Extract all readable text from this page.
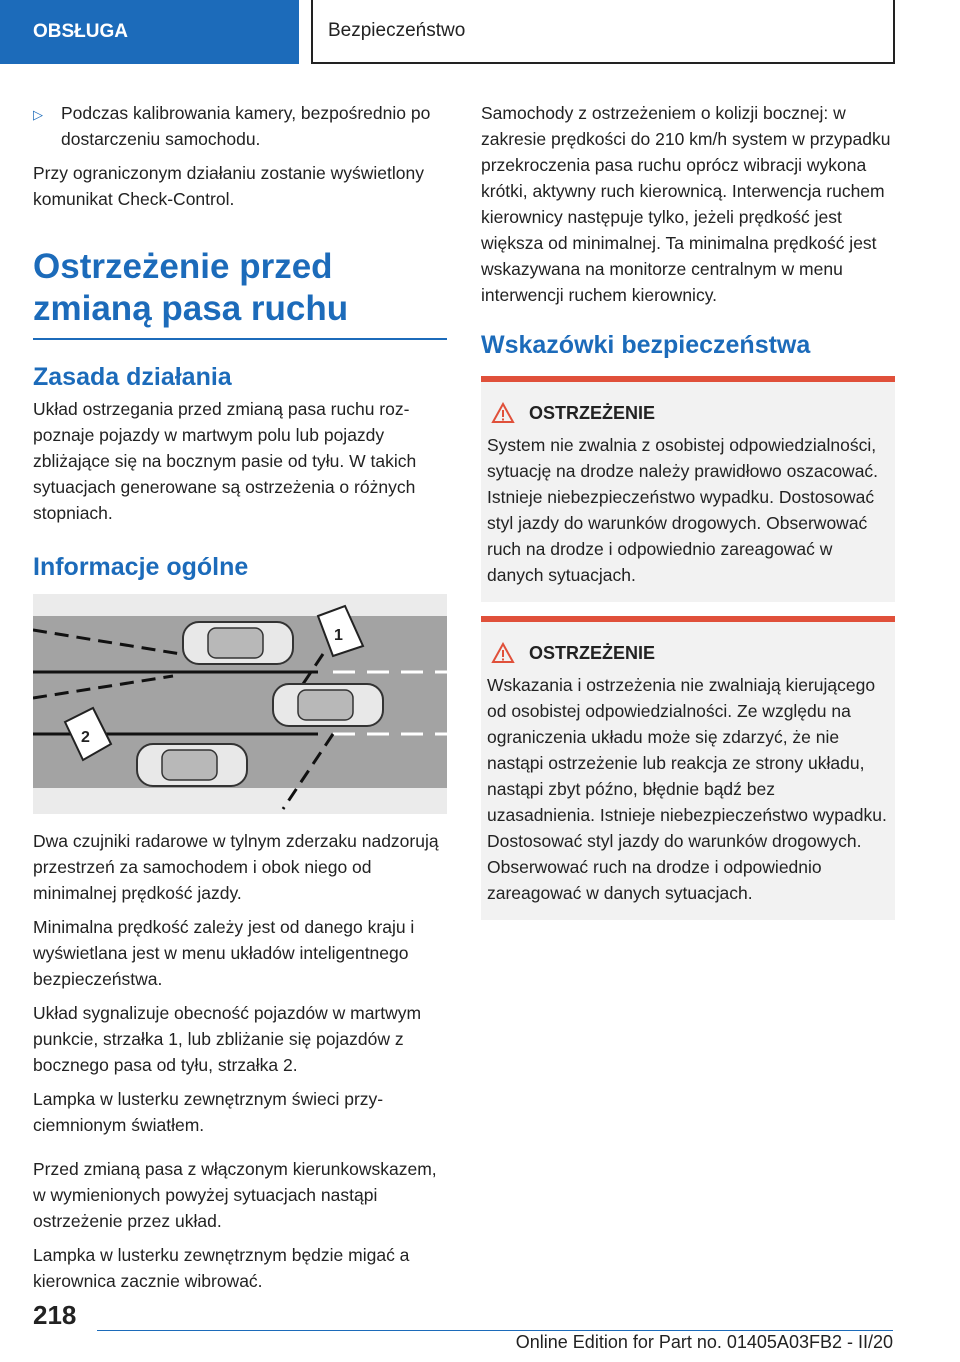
OBSŁUGA	Bezpieczeństwo
▷	Podczas kalibrowania kamery, bezpośrednio po dostarczeniu samochodu.

Przy ograniczonym działaniu zostanie wyświetlony komunikat Check-Control.

Ostrzeżenie przed zmianą pasa ruchu
Zasada działania

Układ ostrzegania przed zmianą pasa ruchu rozpoznaje pojazdy w martwym polu lub pojazdy zbliżające się na bocznym pasie od tyłu. W takich sytuacjach generowane są ostrzeżenia o różnych stopniach.

Informacje ogólne
1
2

Dwa czujniki radarowe w tylnym zderzaku nadzorują przestrzeń za samochodem i obok niego od minimalnej prędkość jazdy.

Minimalna prędkość zależy jest od danego kraju i wyświetlana jest w menu układów inteligentnego bezpieczeństwa.

Układ sygnalizuje obecność pojazdów w martwym punkcie, strzałka 1, lub zbliżanie się pojazdów z bocznego pasa od tyłu, strzałka 2.

Lampka w lusterku zewnętrznym świeci przyciemnionym światłem.

Przed zmianą pasa z włączonym kierunkowskazem, w wymienionych powyżej sytuacjach nastąpi ostrzeżenie przez układ.

Lampka w lusterku zewnętrznym będzie migać a kierownica zacznie wibrować.

Samochody z ostrzeżeniem o kolizji bocznej: w zakresie prędkości do 210 km/h system w przypadku przekroczenia pasa ruchu oprócz wibracji wykona krótki, aktywny ruch kierownicą. Interwencja ruchem kierownicy następuje tylko, jeżeli prędkość jest większa od minimalnej. Ta minimalna prędkość jest wskazywana na monitorze centralnym w menu interwencji ruchem kierownicy.

Wskazówki bezpieczeństwa
OSTRZEŻENIE
System nie zwalnia z osobistej odpowiedzialności, sytuację na drodze należy prawidłowo oszacować. Istnieje niebezpieczeństwo wypadku. Dostosować styl jazdy do warunków drogowych. Obserwować ruch na drodze i odpowiednio zareagować w danych sytuacjach.
OSTRZEŻENIE
Wskazania i ostrzeżenia nie zwalniają kierującego od osobistej odpowiedzialności. Ze względu na ograniczenia układu może się zdarzyć, że nie nastąpi ostrzeżenie lub reakcja ze strony układu, nastąpi zbyt późno, błędnie bądź bez uzasadnienia. Istnieje niebezpieczeństwo wypadku. Dostosować styl jazdy do warunków drogowych. Obserwować ruch na drodze i odpowiednio zareagować w danych sytuacjach.
218
Online Edition for Part no. 01405A03FB2 - II/20
